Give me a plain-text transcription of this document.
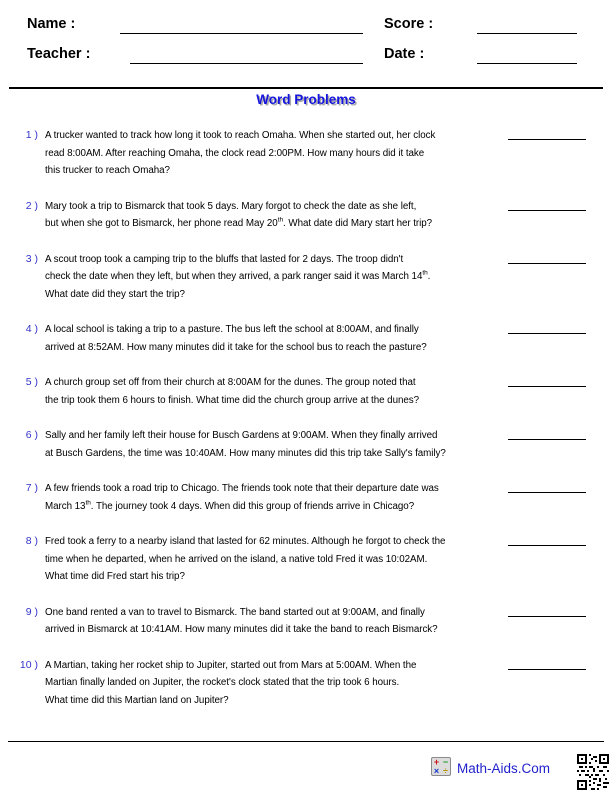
Name :	Score :
Teacher :	Date :
Word Problems
1 ) A trucker wanted to track how long it took to reach Omaha. When she started out, her clock
read 8:00AM. After reaching Omaha, the clock read 2:00PM. How many hours did it take
this trucker to reach Omaha?
2 ) Mary took a trip to Bismarck that took 5 days. Mary forgot to check the date as she left,
but when she got to Bismarck, her phone read May 20th. What date did Mary start her trip?
3 ) A scout troop took a camping trip to the bluffs that lasted for 2 days. The troop didn't
check the date when they left, but when they arrived, a park ranger said it was March 14th.
What date did they start the trip?
4 ) A local school is taking a trip to a pasture. The bus left the school at 8:00AM, and finally
arrived at 8:52AM. How many minutes did it take for the school bus to reach the pasture?
5 ) A church group set off from their church at 8:00AM for the dunes. The group noted that
the trip took them 6 hours to finish. What time did the church group arrive at the dunes?
6 ) Sally and her family left their house for Busch Gardens at 9:00AM. When they finally arrived
at Busch Gardens, the time was 10:40AM. How many minutes did this trip take Sally's family?
7 ) A few friends took a road trip to Chicago. The friends took note that their departure date was
March 13th. The journey took 4 days. When did this group of friends arrive in Chicago?
8 ) Fred took a ferry to a nearby island that lasted for 62 minutes. Although he forgot to check the
time when he departed, when he arrived on the island, a native told Fred it was 10:02AM.
What time did Fred start his trip?
9 ) One band rented a van to travel to Bismarck. The band started out at 9:00AM, and finally
arrived in Bismarck at 10:41AM. How many minutes did it take the band to reach Bismarck?
10 ) A Martian, taking her rocket ship to Jupiter, started out from Mars at 5:00AM. When the
Martian finally landed on Jupiter, the rocket's clock stated that the trip took 6 hours.
What time did this Martian land on Jupiter?
+ −
× ÷ Math-Aids.Com
